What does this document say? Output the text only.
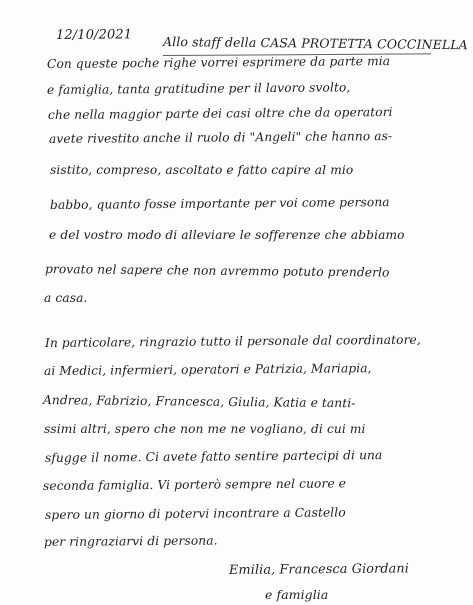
12/10/2021 Allo staff della CASA PROTETTA COCCINELLA
Con queste poche righe vorrei esprimere da parte mia
e famiglia, tanta gratitudine per il lavoro svolto,
che nella maggior parte dei casi oltre che da operatori
avete rivestito anche il ruolo di "Angeli" che hanno as-
sistito, compreso, ascoltato e fatto capire al mio
babbo, quanto fosse importante per voi come persona
e del vostro modo di alleviare le sofferenze che abbiamo
provato nel sapere che non avremmo potuto prenderlo
a casa.
In particolare, ringrazio tutto il personale dal coordinatore,
ai Medici, infermieri, operatori e Patrizia, Mariapia,
Andrea, Fabrizio, Francesca, Giulia, Katia e tanti-
ssimi altri, spero che non me ne vogliano, di cui mi
sfugge il nome. Ci avete fatto sentire partecipi di una
seconda famiglia. Vi porterò sempre nel cuore e
spero un giorno di potervi incontrare a Castello
per ringraziarvi di persona.
Emilia, Francesca Giordani
e famiglia
